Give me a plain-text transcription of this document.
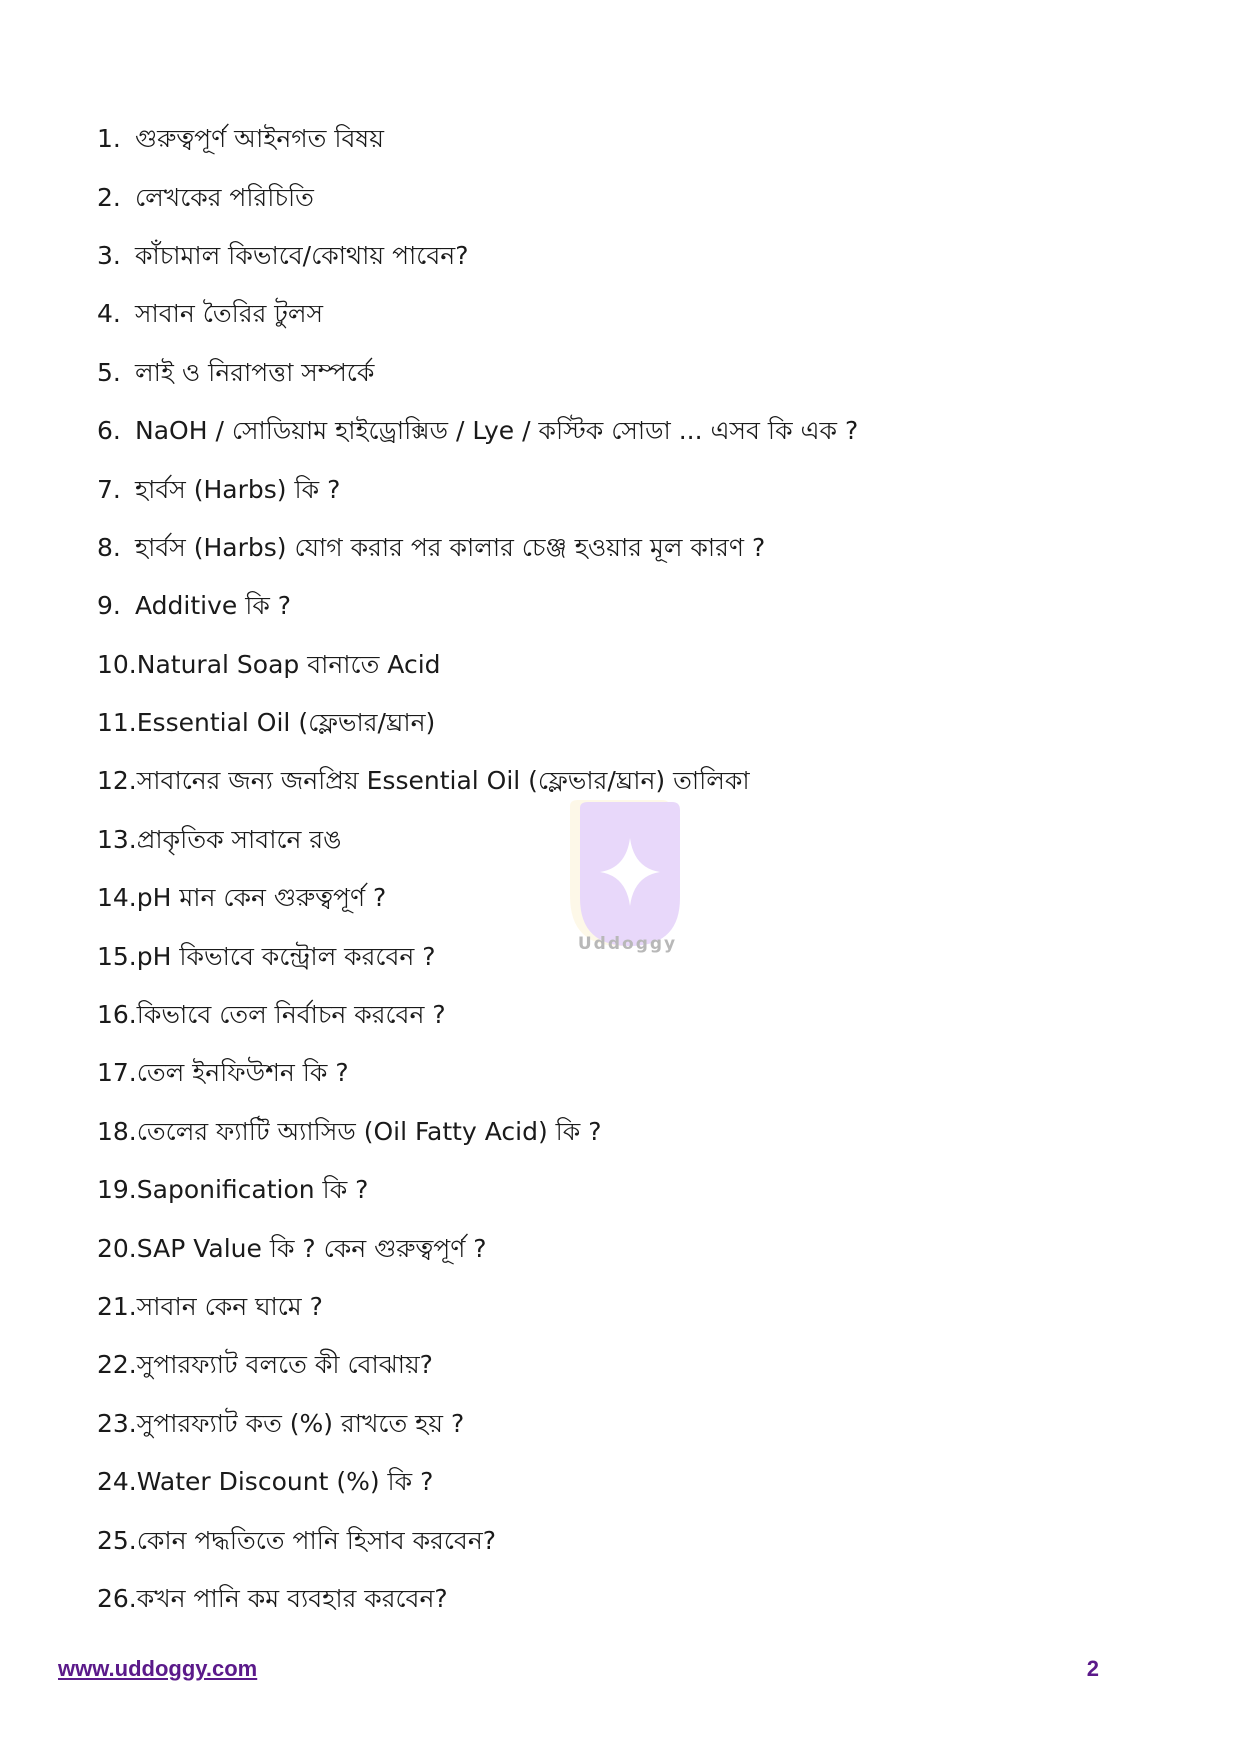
1. গুরুত্বপূর্ণ আইনগত বিষয়
2. লেখকের পরিচিতি
3. কাঁচামাল কিভাবে/কোথায় পাবেন?
4. সাবান তৈরির টুলস
5. লাই ও নিরাপত্তা সম্পর্কে
6. NaOH / সোডিয়াম হাইড্রোক্সিড / Lye / কস্টিক সোডা ... এসব কি এক ?
7. হার্বস (Harbs) কি ?
8. হার্বস (Harbs) যোগ করার পর কালার চেঞ্জ হওয়ার মূল কারণ ?
9. Additive কি ?
10. Natural Soap বানাতে Acid
11. Essential Oil (ফ্লেভার/ঘ্রান)
12. সাবানের জন্য জনপ্রিয় Essential Oil (ফ্লেভার/ঘ্রান) তালিকা
13. প্রাকৃতিক সাবানে রঙ
14. pH মান কেন গুরুত্বপূর্ণ ?
15. pH কিভাবে কন্ট্রোল করবেন ?
16. কিভাবে তেল নির্বাচন করবেন ?
17. তেল ইনফিউশন কি ?
18. তেলের ফ্যাটি অ্যাসিড (Oil Fatty Acid) কি ?
19. Saponification কি ?
20. SAP Value কি ? কেন গুরুত্বপূর্ণ ?
21. সাবান কেন ঘামে ?
22. সুপারফ্যাট বলতে কী বোঝায়?
23. সুপারফ্যাট কত (%) রাখতে হয় ?
24. Water Discount (%) কি ?
25. কোন পদ্ধতিতে পানি হিসাব করবেন?
26. কখন পানি কম ব্যবহার করবেন?
Uddoggy
www.uddoggy.com	2
